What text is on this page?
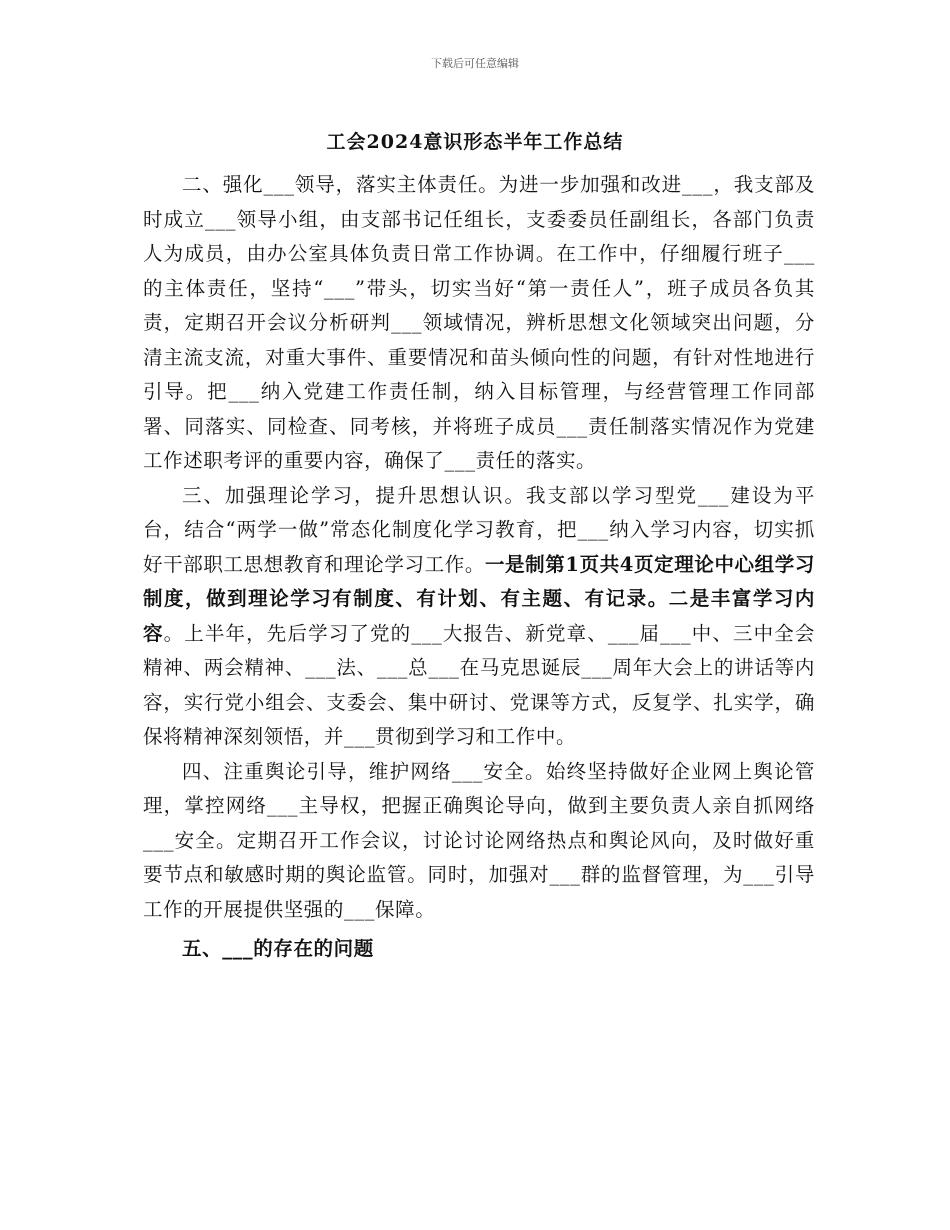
下载后可任意编辑
工会2024意识形态半年工作总结

二、强化___领导，落实主体责任。为进一步加强和改进___，我支部及时成立___领导小组，由支部书记任组长，支委委员任副组长，各部门负责人为成员，由办公室具体负责日常工作协调。在工作中，仔细履行班子___的主体责任，坚持“___”带头，切实当好“第一责任人”，班子成员各负其责，定期召开会议分析研判___领域情况，辨析思想文化领域突出问题，分清主流支流，对重大事件、重要情况和苗头倾向性的问题，有针对性地进行引导。把___纳入党建工作责任制，纳入目标管理，与经营管理工作同部署、同落实、同检查、同考核，并将班子成员___责任制落实情况作为党建工作述职考评的重要内容，确保了___责任的落实。

三、加强理论学习，提升思想认识。我支部以学习型党___建设为平台，结合“两学一做”常态化制度化学习教育，把___纳入学习内容，切实抓好干部职工思想教育和理论学习工作。一是制第1页共4页定理论中心组学习制度，做到理论学习有制度、有计划、有主题、有记录。二是丰富学习内容。上半年，先后学习了党的___大报告、新党章、___届___中、三中全会精神、两会精神、___法、___总___在马克思诞辰___周年大会上的讲话等内容，实行党小组会、支委会、集中研讨、党课等方式，反复学、扎实学，确保将精神深刻领悟，并___贯彻到学习和工作中。

四、注重舆论引导，维护网络___安全。始终坚持做好企业网上舆论管理，掌控网络___主导权，把握正确舆论导向，做到主要负责人亲自抓网络___安全。定期召开工作会议，讨论讨论网络热点和舆论风向，及时做好重要节点和敏感时期的舆论监管。同时，加强对___群的监督管理，为___引导工作的开展提供坚强的___保障。

五、___的存在的问题
